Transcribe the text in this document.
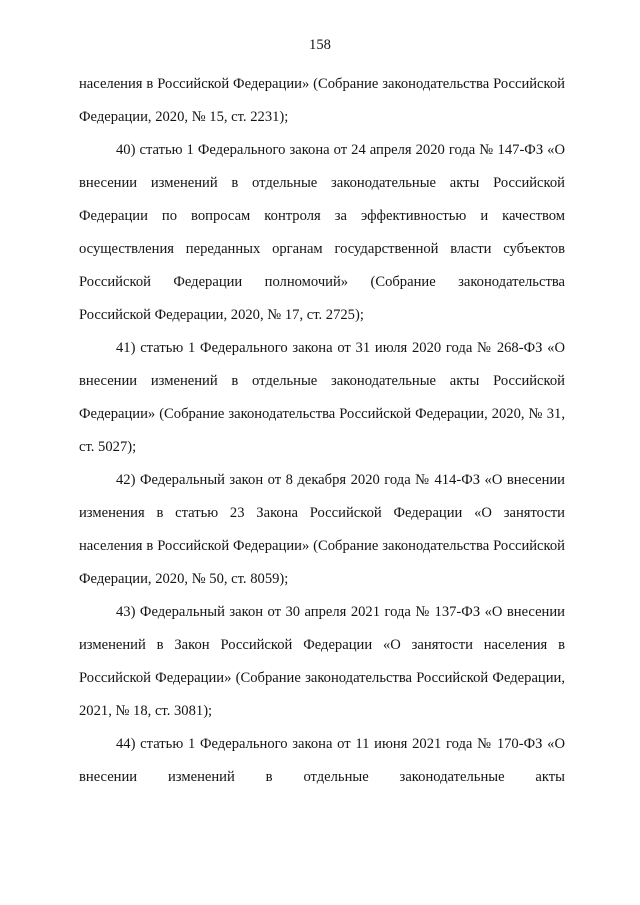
158

населения в Российской Федерации» (Собрание законодательства Российской Федерации, 2020, № 15, ст. 2231);

40) статью 1 Федерального закона от 24 апреля 2020 года № 147-ФЗ «О внесении изменений в отдельные законодательные акты Российской Федерации по вопросам контроля за эффективностью и качеством осуществления переданных органам государственной власти субъектов Российской Федерации полномочий» (Собрание законодательства Российской Федерации, 2020, № 17, ст. 2725);

41) статью 1 Федерального закона от 31 июля 2020 года № 268-ФЗ «О внесении изменений в отдельные законодательные акты Российской Федерации» (Собрание законодательства Российской Федерации, 2020, № 31, ст. 5027);

42) Федеральный закон от 8 декабря 2020 года № 414-ФЗ «О внесении изменения в статью 23 Закона Российской Федерации «О занятости населения в Российской Федерации» (Собрание законодательства Российской Федерации, 2020, № 50, ст. 8059);

43) Федеральный закон от 30 апреля 2021 года № 137-ФЗ «О внесении изменений в Закон Российской Федерации «О занятости населения в Российской Федерации» (Собрание законодательства Российской Федерации, 2021, № 18, ст. 3081);

44) статью 1 Федерального закона от 11 июня 2021 года № 170-ФЗ «О внесении изменений в отдельные законодательные акты
